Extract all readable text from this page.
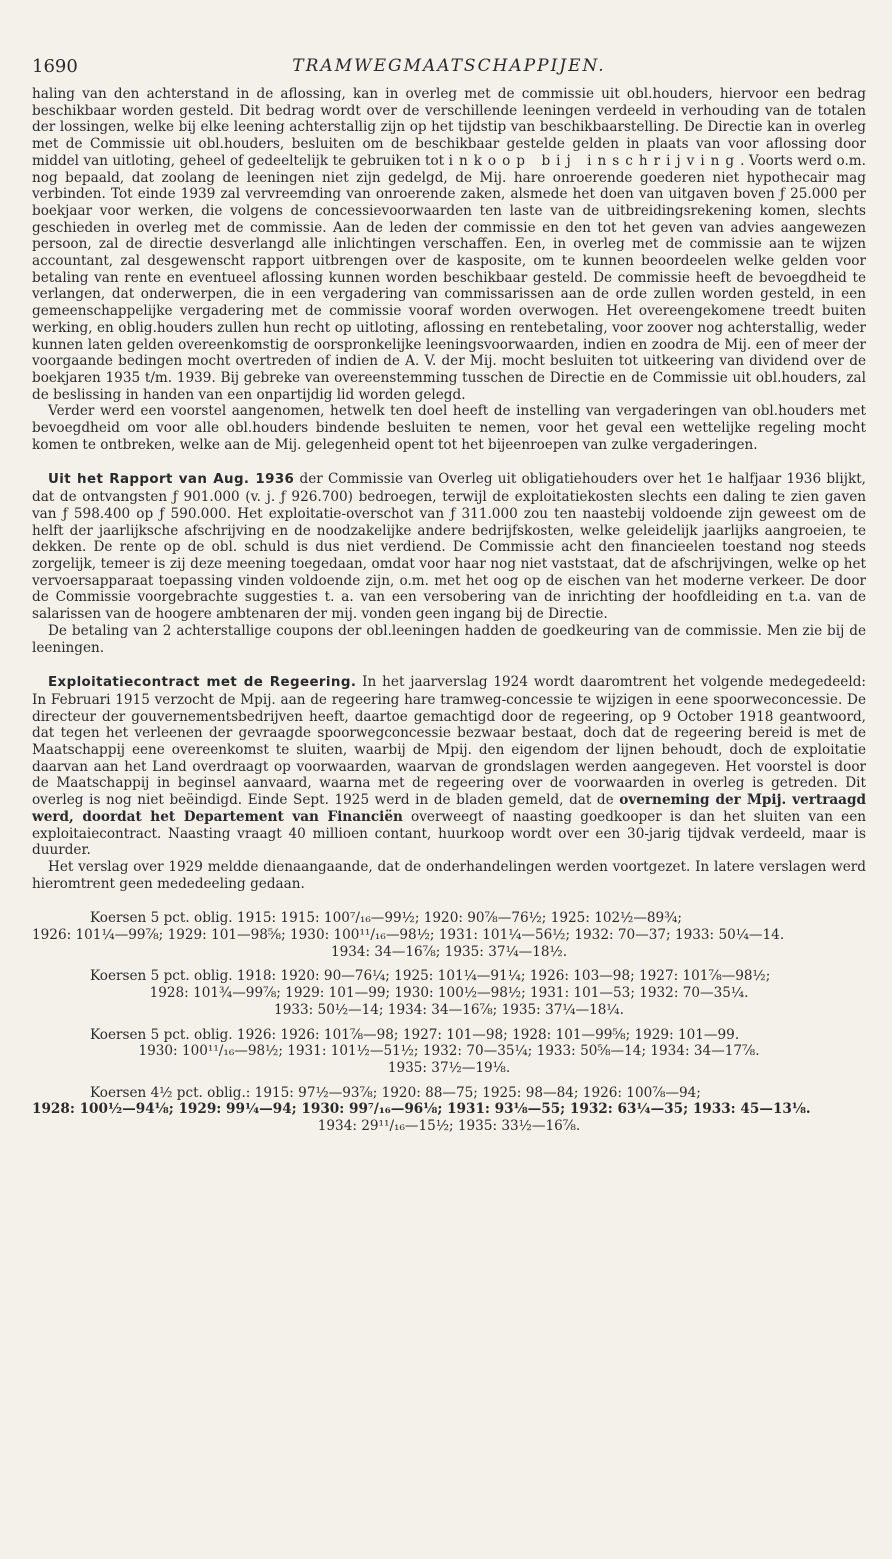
1690	TRAMWEGMAATSCHAPPIJEN.

haling van den achterstand in de aflossing, kan in overleg met de commissie uit obl.houders, hiervoor een bedrag beschikbaar worden gesteld. Dit bedrag wordt over de verschillende leeningen verdeeld in verhouding van de totalen der lossingen, welke bij elke leening achterstallig zijn op het tijdstip van beschikbaarstelling. De Directie kan in overleg met de Commissie uit obl.houders, besluiten om de beschikbaar gestelde gelden in plaats van voor aflossing door middel van uitloting, geheel of gedeeltelijk te gebruiken tot inkoop bij inschrijving. Voorts werd o.m. nog bepaald, dat zoolang de leeningen niet zijn gedelgd, de Mij. hare onroerende goederen niet hypothecair mag verbinden. Tot einde 1939 zal vervreemding van onroerende zaken, alsmede het doen van uitgaven boven ƒ 25.000 per boekjaar voor werken, die volgens de concessievoorwaarden ten laste van de uitbreidingsrekening komen, slechts geschieden in overleg met de commissie. Aan de leden der commissie en den tot het geven van advies aangewezen persoon, zal de directie desverlangd alle inlichtingen verschaffen. Een, in overleg met de commissie aan te wijzen accountant, zal desgewenscht rapport uitbrengen over de kasposite, om te kunnen beoordeelen welke gelden voor betaling van rente en eventueel aflossing kunnen worden beschikbaar gesteld. De commissie heeft de bevoegdheid te verlangen, dat onderwerpen, die in een vergadering van commissarissen aan de orde zullen worden gesteld, in een gemeenschappelijke vergadering met de commissie vooraf worden overwogen. Het overeengekomene treedt buiten werking, en oblig.houders zullen hun recht op uitloting, aflossing en rentebetaling, voor zoover nog achterstallig, weder kunnen laten gelden overeenkomstig de oorspronkelijke leeningsvoorwaarden, indien en zoodra de Mij. een of meer der voorgaande bedingen mocht overtreden of indien de A. V. der Mij. mocht besluiten tot uitkeering van dividend over de boekjaren 1935 t/m. 1939. Bij gebreke van overeenstemming tusschen de Directie en de Commissie uit obl.houders, zal de beslissing in handen van een onpartijdig lid worden gelegd.

Verder werd een voorstel aangenomen, hetwelk ten doel heeft de instelling van vergaderingen van obl.houders met bevoegdheid om voor alle obl.houders bindende besluiten te nemen, voor het geval een wettelijke regeling mocht komen te ontbreken, welke aan de Mij. gelegenheid opent tot het bijeenroepen van zulke vergaderingen.

Uit het Rapport van Aug. 1936 der Commissie van Overleg uit obligatiehouders over het 1e halfjaar 1936 blijkt, dat de ontvangsten ƒ 901.000 (v. j. ƒ 926.700) bedroegen, terwijl de exploitatiekosten slechts een daling te zien gaven van ƒ 598.400 op ƒ 590.000. Het exploitatie-overschot van ƒ 311.000 zou ten naastebij voldoende zijn geweest om de helft der jaarlijksche afschrijving en de noodzakelijke andere bedrijfskosten, welke geleidelijk jaarlijks aangroeien, te dekken. De rente op de obl. schuld is dus niet verdiend. De Commissie acht den financieelen toestand nog steeds zorgelijk, temeer is zij deze meening toegedaan, omdat voor haar nog niet vaststaat, dat de afschrijvingen, welke op het vervoersapparaat toepassing vinden voldoende zijn, o.m. met het oog op de eischen van het moderne verkeer. De door de Commissie voorgebrachte suggesties t. a. van een versobering van de inrichting der hoofdleiding en t.a. van de salarissen van de hoogere ambtenaren der mij. vonden geen ingang bij de Directie.

De betaling van 2 achterstallige coupons der obl.leeningen hadden de goedkeuring van de commissie. Men zie bij de leeningen.

Exploitatiecontract met de Regeering. In het jaarverslag 1924 wordt daaromtrent het volgende medegedeeld: In Februari 1915 verzocht de Mpij. aan de regeering hare tramweg-concessie te wijzigen in eene spoorweconcessie. De directeur der gouvernementsbedrijven heeft, daartoe gemachtigd door de regeering, op 9 October 1918 geantwoord, dat tegen het verleenen der gevraagde spoorwegconcessie bezwaar bestaat, doch dat de regeering bereid is met de Maatschappij eene overeenkomst te sluiten, waarbij de Mpij. den eigendom der lijnen behoudt, doch de exploitatie daarvan aan het Land overdraagt op voorwaarden, waarvan de grondslagen werden aangegeven. Het voorstel is door de Maatschappij in beginsel aanvaard, waarna met de regeering over de voorwaarden in overleg is getreden. Dit overleg is nog niet beëindigd. Einde Sept. 1925 werd in de bladen gemeld, dat de overneming der Mpij. vertraagd werd, doordat het Departement van Financiën overweegt of naasting goedkooper is dan het sluiten van een exploitaiecontract. Naasting vraagt 40 millioen contant, huurkoop wordt over een 30-jarig tijdvak verdeeld, maar is duurder.

Het verslag over 1929 meldde dienaangaande, dat de onderhandelingen werden voortgezet. In latere verslagen werd hieromtrent geen mededeeling gedaan.

Koersen 5 pct. oblig. 1915: 1915: 100⁷/₁₆—99½; 1920: 90⅞—76½; 1925: 102½—89¾;
1926: 101¼—99⅞; 1929: 101—98⅝; 1930: 100¹¹/₁₆—98½; 1931: 101¼—56½; 1932: 70—37; 1933: 50¼—14.
1934: 34—16⅞; 1935: 37¼—18½.
Koersen 5 pct. oblig. 1918: 1920: 90—76¼; 1925: 101¼—91¼; 1926: 103—98; 1927: 101⅞—98½;
1928: 101¾—99⅞; 1929: 101—99; 1930: 100½—98½; 1931: 101—53; 1932: 70—35¼.
1933: 50½—14; 1934: 34—16⅞; 1935: 37¼—18¼.
Koersen 5 pct. oblig. 1926: 1926: 101⅞—98; 1927: 101—98; 1928: 101—99⅝; 1929: 101—99.
1930: 100¹¹/₁₆—98½; 1931: 101½—51½; 1932: 70—35¼; 1933: 50⅝—14; 1934: 34—17⅞.
1935: 37½—19⅛.
Koersen 4½ pct. oblig.: 1915: 97½—93⅞; 1920: 88—75; 1925: 98—84; 1926: 100⅞—94;
1928: 100½—94⅛; 1929: 99¼—94; 1930: 99⁷/₁₆—96⅛; 1931: 93⅛—55; 1932: 63¼—35; 1933: 45—13⅛.
1934: 29¹¹/₁₆—15½; 1935: 33½—16⅞.
